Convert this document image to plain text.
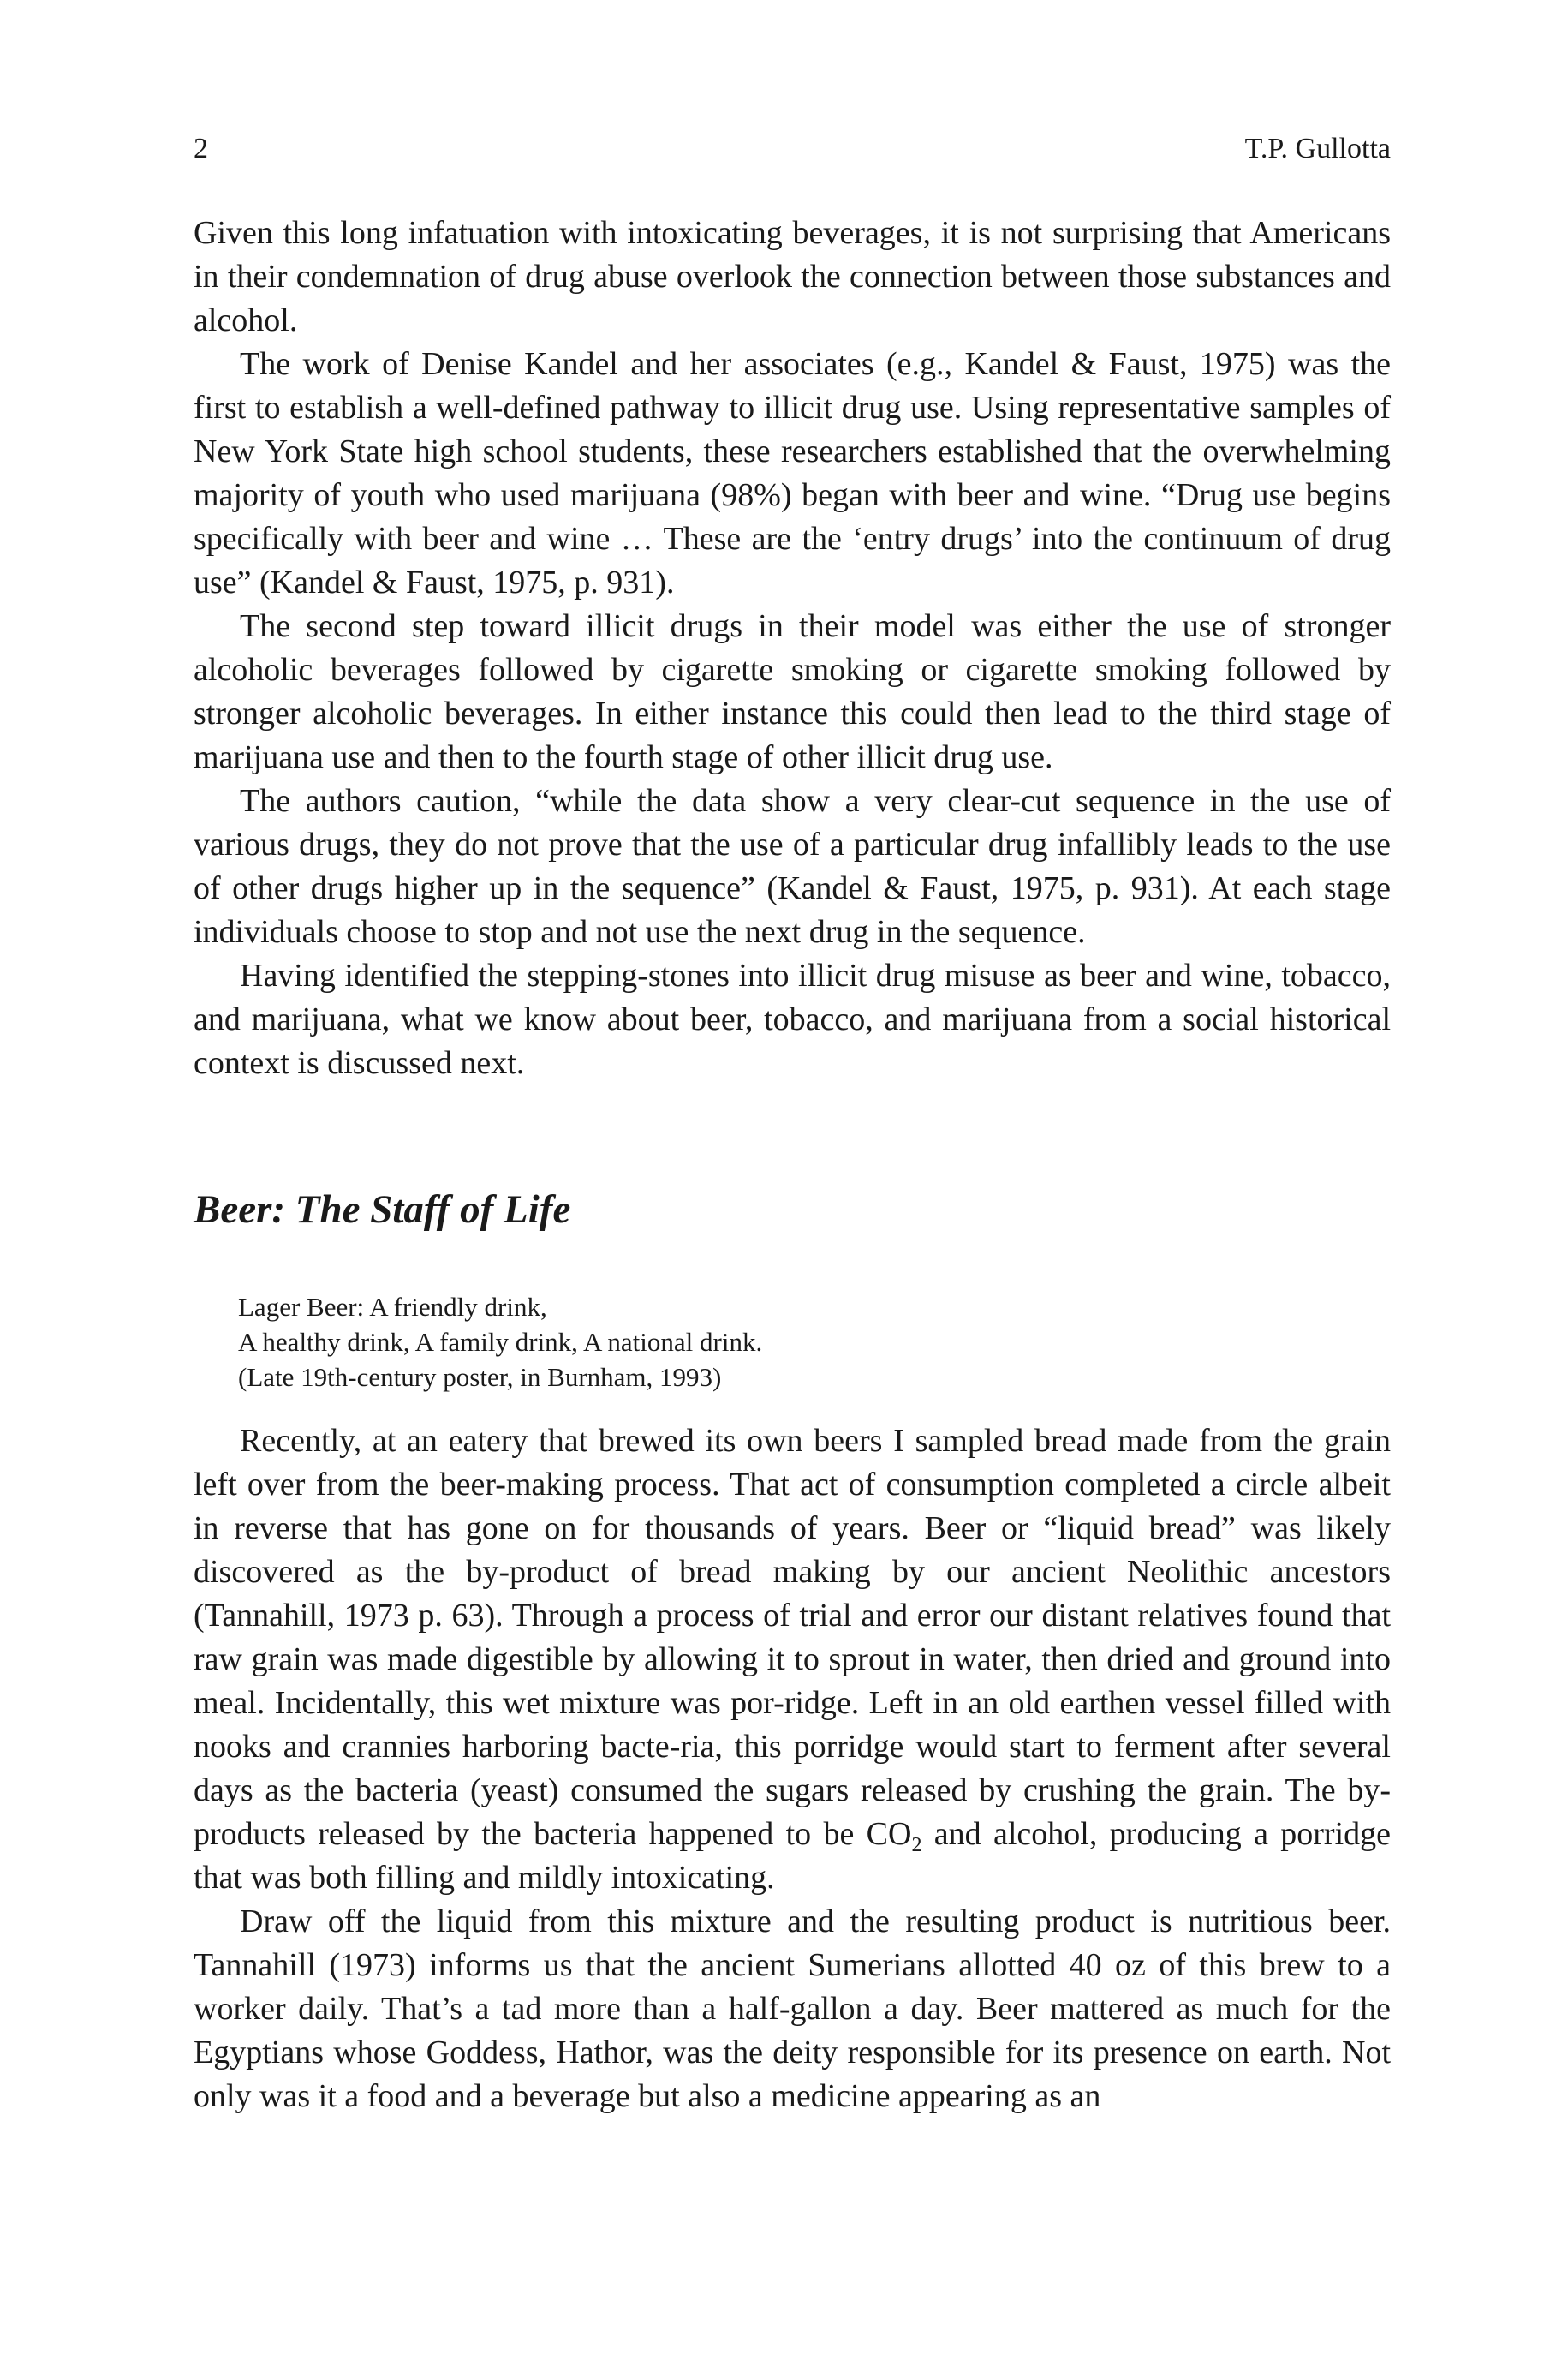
2	T.P. Gullotta

Given this long infatuation with intoxicating beverages, it is not surprising that Americans in their condemnation of drug abuse overlook the connection between those substances and alcohol.

The work of Denise Kandel and her associates (e.g., Kandel & Faust, 1975) was the first to establish a well-defined pathway to illicit drug use. Using representative samples of New York State high school students, these researchers established that the overwhelming majority of youth who used marijuana (98%) began with beer and wine. “Drug use begins specifically with beer and wine … These are the ‘entry drugs’ into the continuum of drug use” (Kandel & Faust, 1975, p. 931).

The second step toward illicit drugs in their model was either the use of stronger alcoholic beverages followed by cigarette smoking or cigarette smoking followed by stronger alcoholic beverages. In either instance this could then lead to the third stage of marijuana use and then to the fourth stage of other illicit drug use.

The authors caution, “while the data show a very clear-cut sequence in the use of various drugs, they do not prove that the use of a particular drug infallibly leads to the use of other drugs higher up in the sequence” (Kandel & Faust, 1975, p. 931). At each stage individuals choose to stop and not use the next drug in the sequence.

Having identified the stepping-stones into illicit drug misuse as beer and wine, tobacco, and marijuana, what we know about beer, tobacco, and marijuana from a social historical context is discussed next.

Beer: The Staff of Life
Lager Beer: A friendly drink,
A healthy drink, A family drink, A national drink.
(Late 19th-century poster, in Burnham, 1993)

Recently, at an eatery that brewed its own beers I sampled bread made from the grain left over from the beer-making process. That act of consumption completed a circle albeit in reverse that has gone on for thousands of years. Beer or “liquid bread” was likely discovered as the by-product of bread making by our ancient Neolithic ancestors (Tannahill, 1973 p. 63). Through a process of trial and error our distant relatives found that raw grain was made digestible by allowing it to sprout in water, then dried and ground into meal. Incidentally, this wet mixture was por-ridge. Left in an old earthen vessel filled with nooks and crannies harboring bacte-ria, this porridge would start to ferment after several days as the bacteria (yeast) consumed the sugars released by crushing the grain. The by-products released by the bacteria happened to be $CO_2$ and alcohol, producing a porridge that was both filling and mildly intoxicating.

Draw off the liquid from this mixture and the resulting product is nutritious beer. Tannahill (1973) informs us that the ancient Sumerians allotted 40 oz of this brew to a worker daily. That’s a tad more than a half-gallon a day. Beer mattered as much for the Egyptians whose Goddess, Hathor, was the deity responsible for its presence on earth. Not only was it a food and a beverage but also a medicine appearing as an
